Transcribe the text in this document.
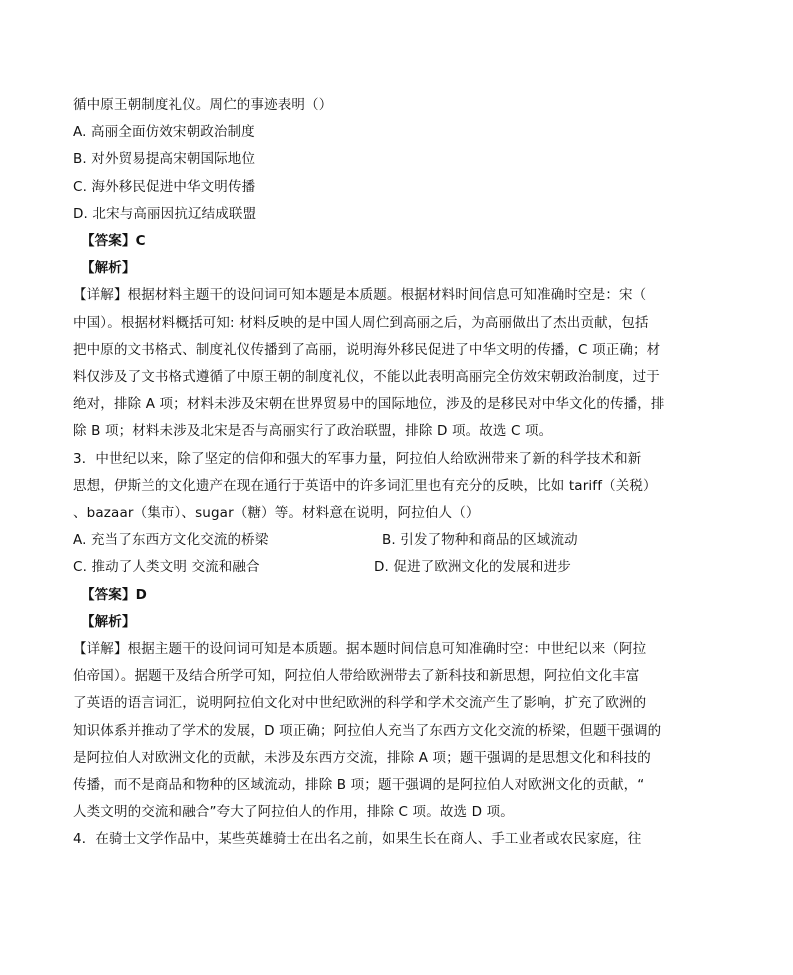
循中原王朝制度礼仪。周伫的事迹表明（）
A. 高丽全面仿效宋朝政治制度
B. 对外贸易提高宋朝国际地位
C. 海外移民促进中华文明传播
D. 北宋与高丽因抗辽结成联盟
【答案】C
【解析】
【详解】根据材料主题干的设问词可知本题是本质题。根据材料时间信息可知准确时空是：宋（
中国）。根据材料概括可知: 材料反映的是中国人周伫到高丽之后，为高丽做出了杰出贡献，包括
把中原的文书格式、制度礼仪传播到了高丽，说明海外移民促进了中华文明的传播，C 项正确；材
料仅涉及了文书格式遵循了中原王朝的制度礼仪，不能以此表明高丽完全仿效宋朝政治制度，过于
绝对，排除 A 项；材料未涉及宋朝在世界贸易中的国际地位，涉及的是移民对中华文化的传播，排
除 B 项；材料未涉及北宋是否与高丽实行了政治联盟，排除 D 项。故选 C 项。
3．中世纪以来，除了坚定的信仰和强大的军事力量，阿拉伯人给欧洲带来了新的科学技术和新
思想，伊斯兰的文化遗产在现在通行于英语中的许多词汇里也有充分的反映，比如 tariff（关税）
、bazaar（集市）、sugar（糖）等。材料意在说明，阿拉伯人（）
A. 充当了东西方文化交流的桥梁	B. 引发了物种和商品的区域流动
C. 推动了人类文明 交流和融合	D. 促进了欧洲文化的发展和进步
【答案】D
【解析】
【详解】根据主题干的设问词可知是本质题。据本题时间信息可知准确时空：中世纪以来（阿拉
伯帝国）。据题干及结合所学可知，阿拉伯人带给欧洲带去了新科技和新思想，阿拉伯文化丰富
了英语的语言词汇，说明阿拉伯文化对中世纪欧洲的科学和学术交流产生了影响，扩充了欧洲的
知识体系并推动了学术的发展，D 项正确；阿拉伯人充当了东西方文化交流的桥梁，但题干强调的
是阿拉伯人对欧洲文化的贡献，未涉及东西方交流，排除 A 项；题干强调的是思想文化和科技的
传播，而不是商品和物种的区域流动，排除 B 项；题干强调的是阿拉伯人对欧洲文化的贡献，“
人类文明的交流和融合”夸大了阿拉伯人的作用，排除 C 项。故选 D 项。
4．在骑士文学作品中，某些英雄骑士在出名之前，如果生长在商人、手工业者或农民家庭，往
